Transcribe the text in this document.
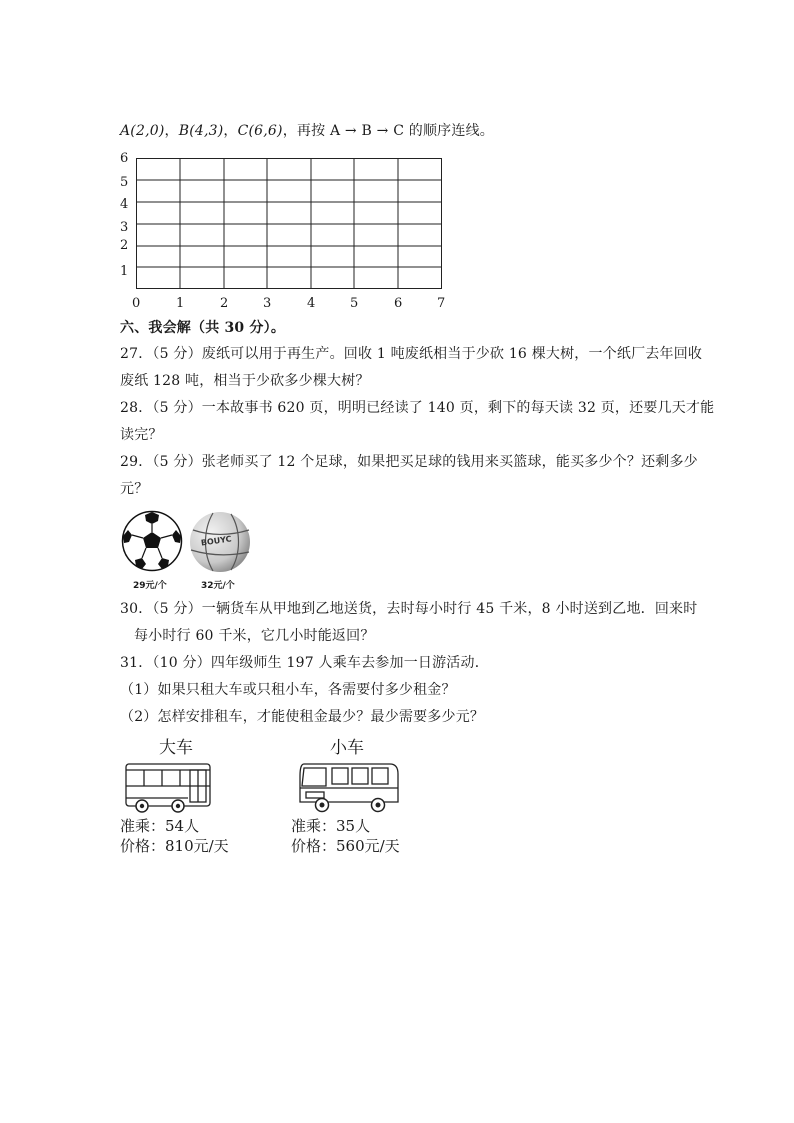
A(2,0)，B(4,3)，C(6,6)，再按 A → B → C 的顺序连线。
0	1	2	3	4	5	6	7
1
2
3
4
5
6
六、我会解（共 30 分）。
27．（5 分）废纸可以用于再生产。回收 1 吨废纸相当于少砍 16 棵大树，一个纸厂去年回收
废纸 128 吨，相当于少砍多少棵大树？
28．（5 分）一本故事书 620 页，明明已经读了 140 页，剩下的每天读 32 页，还要几天才能
读完？
29．（5 分）张老师买了 12 个足球，如果把买足球的钱用来买篮球，能买多少个？还剩多少
元？
BOUYC
29元/个	32元/个
30．（5 分）一辆货车从甲地到乙地送货，去时每小时行 45 千米，8 小时送到乙地．回来时
每小时行 60 千米，它几小时能返回？
31．（10 分）四年级师生 197 人乘车去参加一日游活动．
（1）如果只租大车或只租小车，各需要付多少租金？
（2）怎样安排租车，才能使租金最少？最少需要多少元？
大车
准乘：54人
价格：810元/天
小车
准乘：35人
价格：560元/天
